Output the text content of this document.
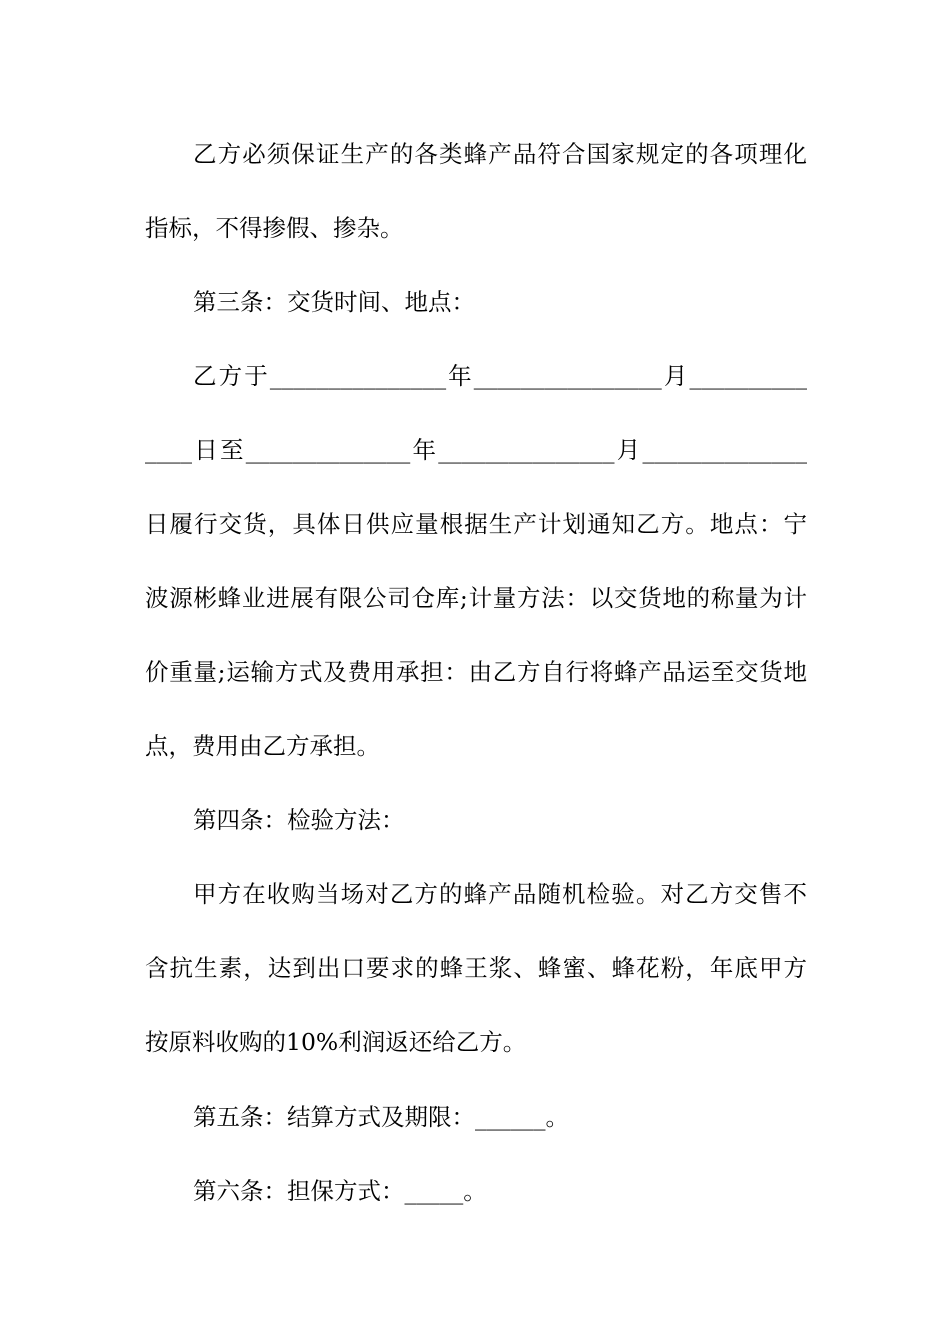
乙方必须保证生产的各类蜂产品符合国家规定的各项理化
指标，不得掺假、掺杂。
第三条：交货时间、地点：
乙方于_______________年________________月__________
____日至______________年_______________月______________
日履行交货，具体日供应量根据生产计划通知乙方。地点：宁
波源彬蜂业进展有限公司仓库;计量方法：以交货地的称量为计
价重量;运输方式及费用承担：由乙方自行将蜂产品运至交货地
点，费用由乙方承担。
第四条：检验方法：
甲方在收购当场对乙方的蜂产品随机检验。对乙方交售不
含抗生素，达到出口要求的蜂王浆、蜂蜜、蜂花粉，年底甲方
按原料收购的10%利润返还给乙方。
第五条：结算方式及期限：______。
第六条：担保方式：_____。
